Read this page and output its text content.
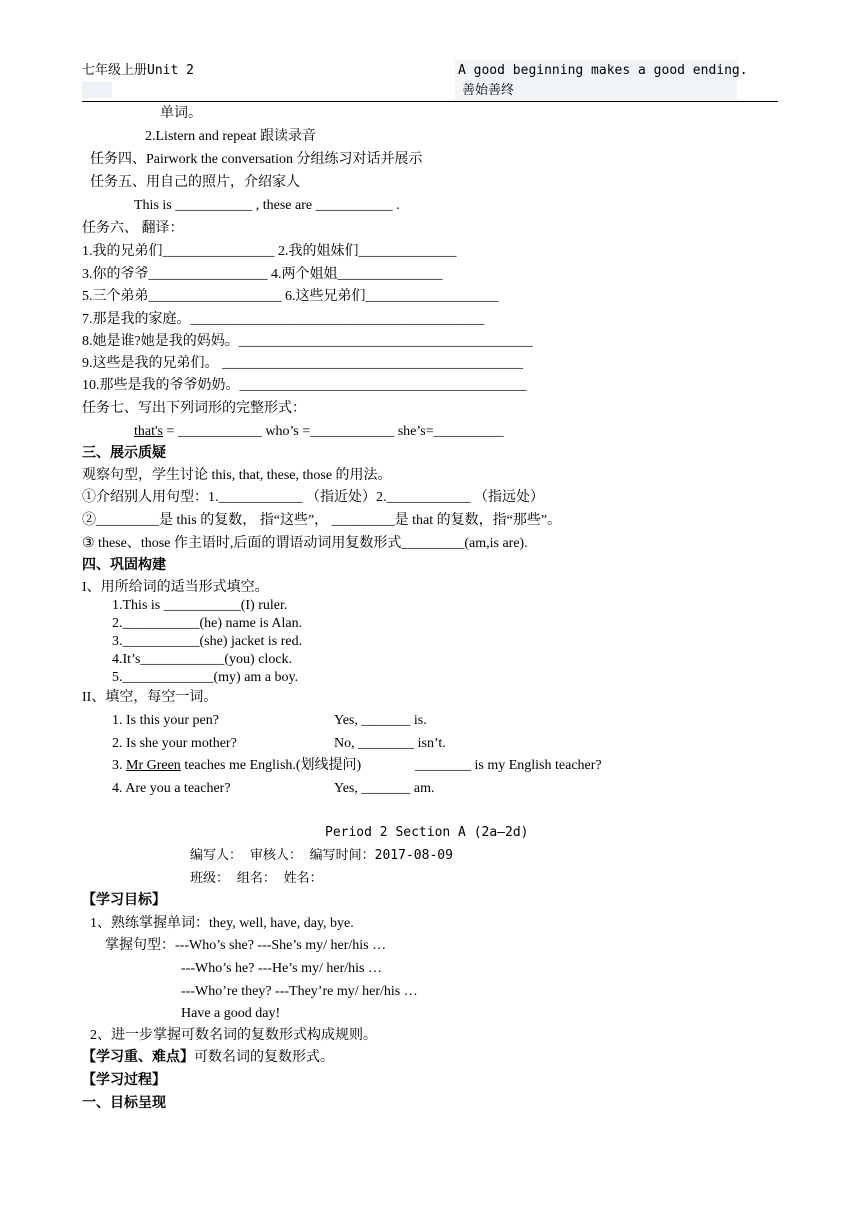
七年级上册Unit 2	A good beginning makes a good ending.
善始善终
单词。
2.Listern and repeat 跟读录音
任务四、Pairwork the conversation 分组练习对话并展示
任务五、用自己的照片，介绍家人
This is ___________ , these are ___________ .
任务六、 翻译：
1.我的兄弟们________________ 2.我的姐妹们______________
3.你的爷爷_________________ 4.两个姐姐_______________
5.三个弟弟___________________ 6.这些兄弟们___________________
7.那是我的家庭。__________________________________________
8.她是谁?她是我的妈妈。__________________________________________
9.这些是我的兄弟们。 ___________________________________________
10.那些是我的爷爷奶奶。_________________________________________
任务七、写出下列词形的完整形式：
that's = ____________ who’s =____________ she’s=__________
三、展示质疑
观察句型，学生讨论 this, that, these, those 的用法。
①介绍别人用句型：1.____________ （指近处）2.____________ （指远处）
②_________是 this 的复数， 指“这些”， _________是 that 的复数，指“那些”。
③ these、those 作主语时,后面的谓语动词用复数形式_________(am,is are).
四、巩固构建
I、用所给词的适当形式填空。
1.This is ___________(I) ruler.
2.___________(he) name is Alan.
3.___________(she) jacket is red.
4.It’s____________(you) clock.
5._____________(my) am a boy.
II、填空，每空一词。
1. Is this your pen?	Yes, _______ is.
2. Is she your mother?	No, ________ isn’t.
3. Mr Green teaches me English.(划线提问)	________ is my English teacher?
4. Are you a teacher?	Yes, _______ am.
Period 2 Section A (2a—2d)
编写人： 审核人： 编写时间：2017-08-09
班级： 组名： 姓名：
【学习目标】
1、熟练掌握单词：they, well, have, day, bye.
掌握句型：---Who’s she? ---She’s my/ her/his …
---Who’s he? ---He’s my/ her/his …
---Who’re they? ---They’re my/ her/his …
Have a good day!
2、进一步掌握可数名词的复数形式构成规则。
【学习重、难点】可数名词的复数形式。
【学习过程】
一、目标呈现
